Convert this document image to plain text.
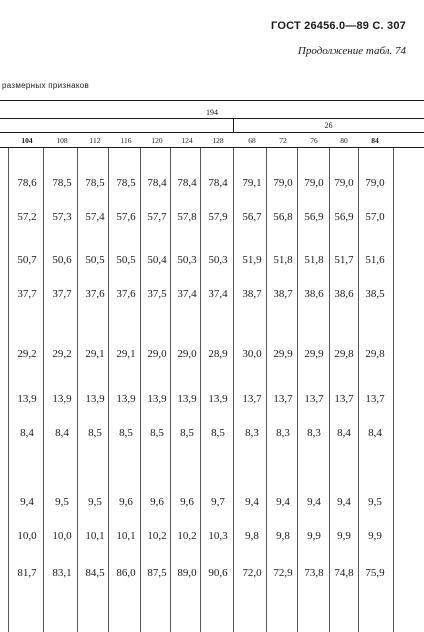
ГОСТ 26456.0—89 С. 307
Продолжение табл. 74
размерных признаков
194
26
104	108	112	116	120	124	128	68	72	76	80	84
78,6	78,5	78,5	78,5	78,4 78,4	78,4	79,1	79,0	79,0 79,0	79,0
57,2	57,3	57,4	57,6	57,7 57,8	57,9	56,7	56,8	56,9 56,9	57,0
50,7	50,6	50,5	50,5	50,4 50,3	50,3	51,9	51,8	51,8 51,7	51,6
37,7	37,7	37,6	37,6	37,5 37,4	37,4	38,7	38,7	38,6 38,6	38,5
29,2	29,2	29,1	29,1	29,0 29,0	28,9	30,0	29,9	29,9 29,8	29,8
13,9	13,9	13,9	13,9	13,9 13,9	13,9	13,7	13,7	13,7 13,7	13,7
8,4	8,4	8,5	8,5	8,5	8,5	8,5	8,3	8,3	8,3	8,4	8,4
9,4	9,5	9,5	9,6	9,6	9,6	9,7	9,4	9,4	9,4	9,4	9,5
10,0	10,0	10,1	10,1	10,2 10,2	10,3	9,8	9,8	9,9	9,9	9,9
81,7	83,1	84,5	86,0	87,5 89,0	90,6	72,0	72,9	73,8 74,8	75,9
